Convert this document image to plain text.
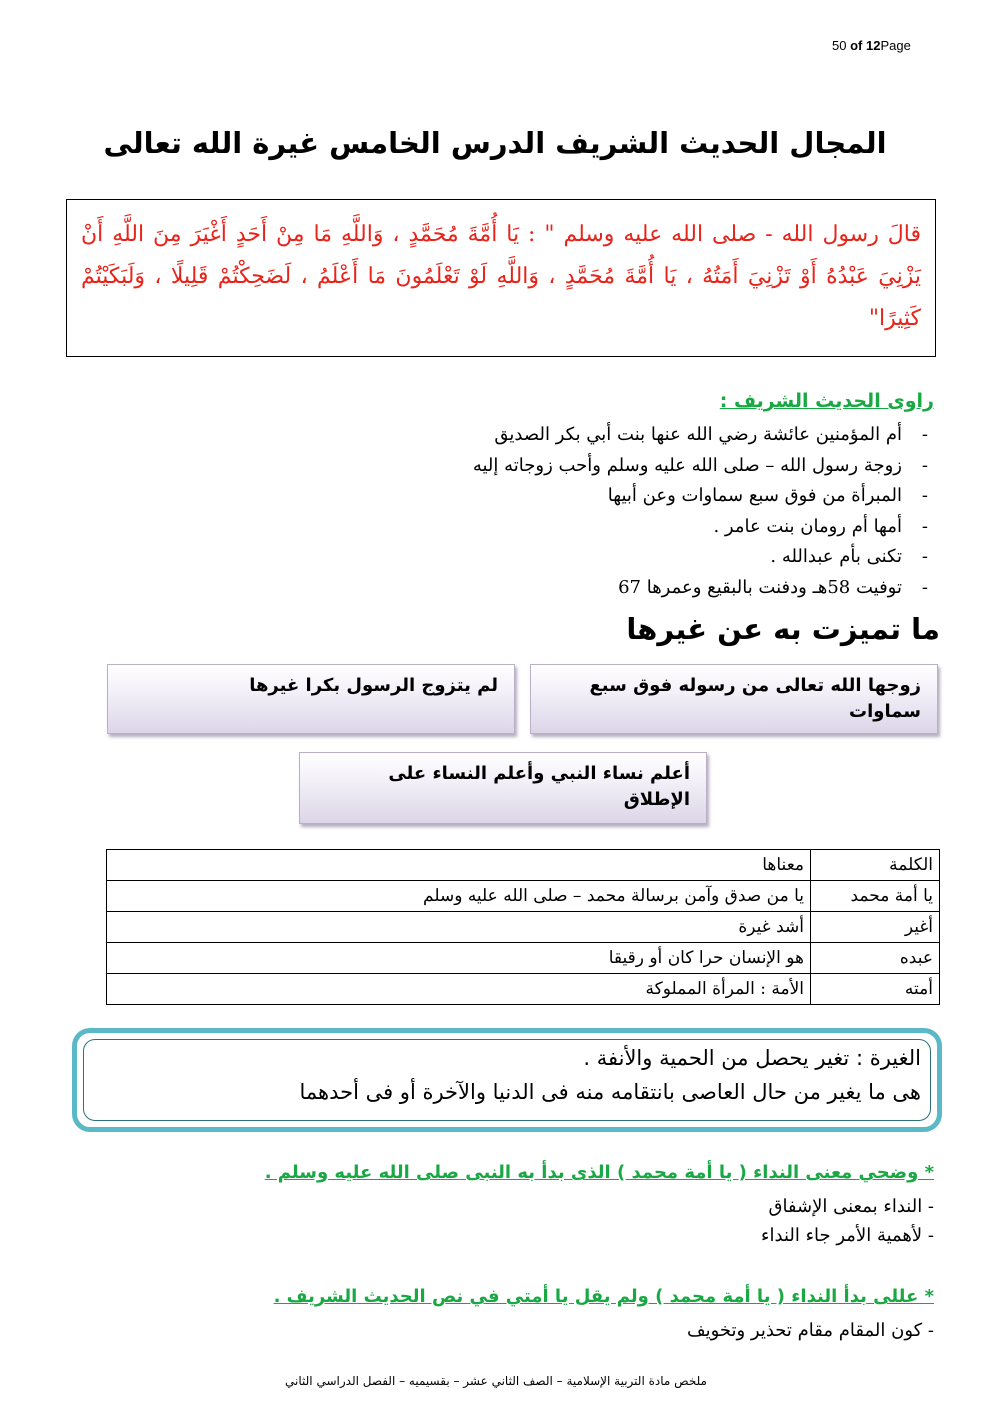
50 of 12Page
المجال الحديث الشريف الدرس الخامس غيرة الله تعالى
قالَ رسول الله - صلى الله عليه وسلم " : يَا أُمَّةَ مُحَمَّدٍ ، وَاللَّهِ مَا مِنْ أَحَدٍ أَغْيَرَ مِنَ اللَّهِ أَنْ يَزْنِيَ عَبْدُهُ أَوْ تَزْنِيَ أَمَتُهُ ، يَا أُمَّةَ مُحَمَّدٍ ، وَاللَّهِ لَوْ تَعْلَمُونَ مَا أَعْلَمُ ، لَضَحِكْتُمْ قَلِيلًا ، وَلَبَكَيْتُمْ كَثِيرًا"
راوى الحديث الشريف :
- أم المؤمنين عائشة رضي الله عنها بنت أبي بكر الصديق
- زوجة رسول الله – صلى الله عليه وسلم وأحب زوجاته إليه
- المبرأة من فوق سبع سماوات وعن أبيها
- أمها أم رومان بنت عامر .
- تكنى بأم عبدالله .
- توفيت 58هـ ودفنت بالبقيع وعمرها 67
ما تميزت به عن غيرها
زوجها الله تعالى من رسوله فوق سبع سماوات
لم يتزوج الرسول بكرا غيرها
أعلم نساء النبي وأعلم النساء على الإطلاق
الكلمة	معناها
يا أمة محمد	يا من صدق وآمن برسالة محمد – صلى الله عليه وسلم
أغير	أشد غيرة
عبده	هو الإنسان حرا كان أو رقيقا
أمته	الأمة : المرأة المملوكة
الغيرة : تغير يحصل من الحمية والأنفة .
هى ما يغير من حال العاصى بانتقامه منه فى الدنيا والآخرة أو فى أحدهما
* وضحي معنى النداء ( يا أمة محمد ) الذى بدأ به النبى صلى الله عليه وسلم .
- النداء بمعنى الإشفاق
- لأهمية الأمر جاء النداء
* عللى بدأ النداء ( يا أمة محمد ) ولم يقل يا أمتي في نص الحديث الشريف .
- كون المقام مقام تحذير وتخويف
ملخص مادة التربية الإسلامية – الصف الثاني عشر – بقسيميه – الفصل الدراسي الثاني
